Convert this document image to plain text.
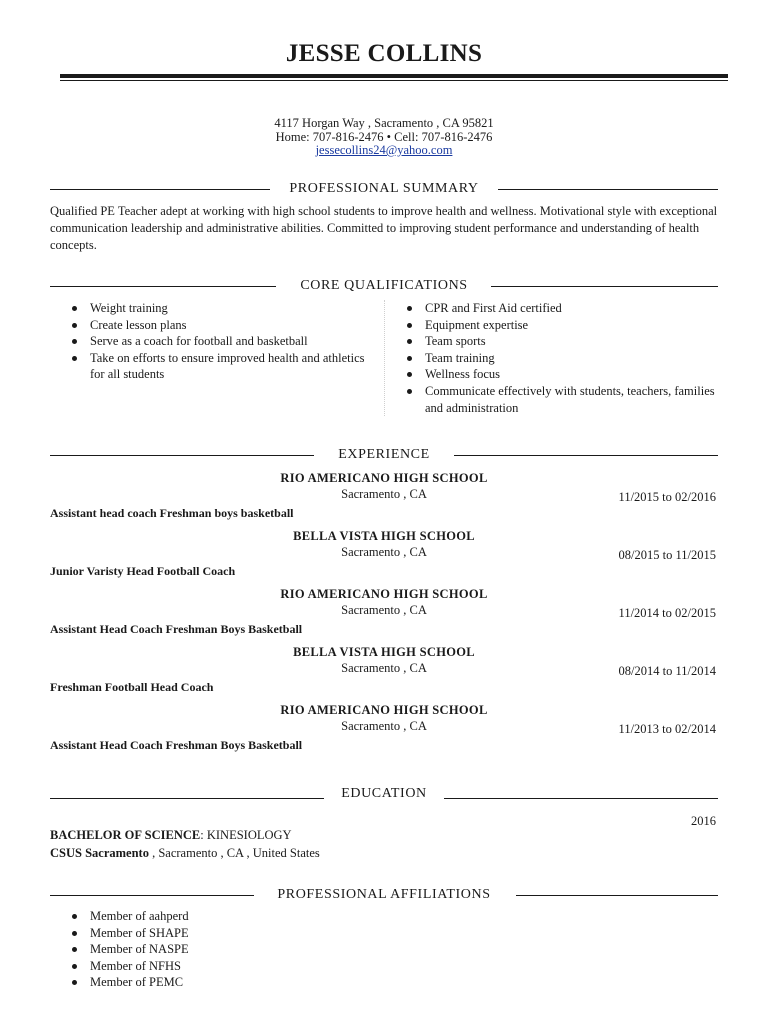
JESSE COLLINS
4117 Horgan Way , Sacramento , CA 95821
Home: 707-816-2476 • Cell: 707-816-2476
jessecollins24@yahoo.com
PROFESSIONAL SUMMARY
Qualified PE Teacher adept at working with high school students to improve health and wellness. Motivational style with exceptional communication leadership and administrative abilities. Committed to improving student performance and understanding of health concepts.
CORE QUALIFICATIONS
Weight training
Create lesson plans
Serve as a coach for football and basketball
Take on efforts to ensure improved health and athletics for all students
CPR and First Aid certified
Equipment expertise
Team sports
Team training
Wellness focus
Communicate effectively with students, teachers, families and administration
EXPERIENCE
RIO AMERICANO HIGH SCHOOL
Sacramento , CA	11/2015 to 02/2016
Assistant head coach Freshman boys basketball
BELLA VISTA HIGH SCHOOL
Sacramento , CA	08/2015 to 11/2015
Junior Varisty Head Football Coach
RIO AMERICANO HIGH SCHOOL
Sacramento , CA	11/2014 to 02/2015
Assistant Head Coach Freshman Boys Basketball
BELLA VISTA HIGH SCHOOL
Sacramento , CA	08/2014 to 11/2014
Freshman Football Head Coach
RIO AMERICANO HIGH SCHOOL
Sacramento , CA	11/2013 to 02/2014
Assistant Head Coach Freshman Boys Basketball
EDUCATION
2016
BACHELOR OF SCIENCE: KINESIOLOGY
CSUS Sacramento , Sacramento , CA , United States
PROFESSIONAL AFFILIATIONS
Member of aahperd
Member of SHAPE
Member of NASPE
Member of NFHS
Member of PEMC
